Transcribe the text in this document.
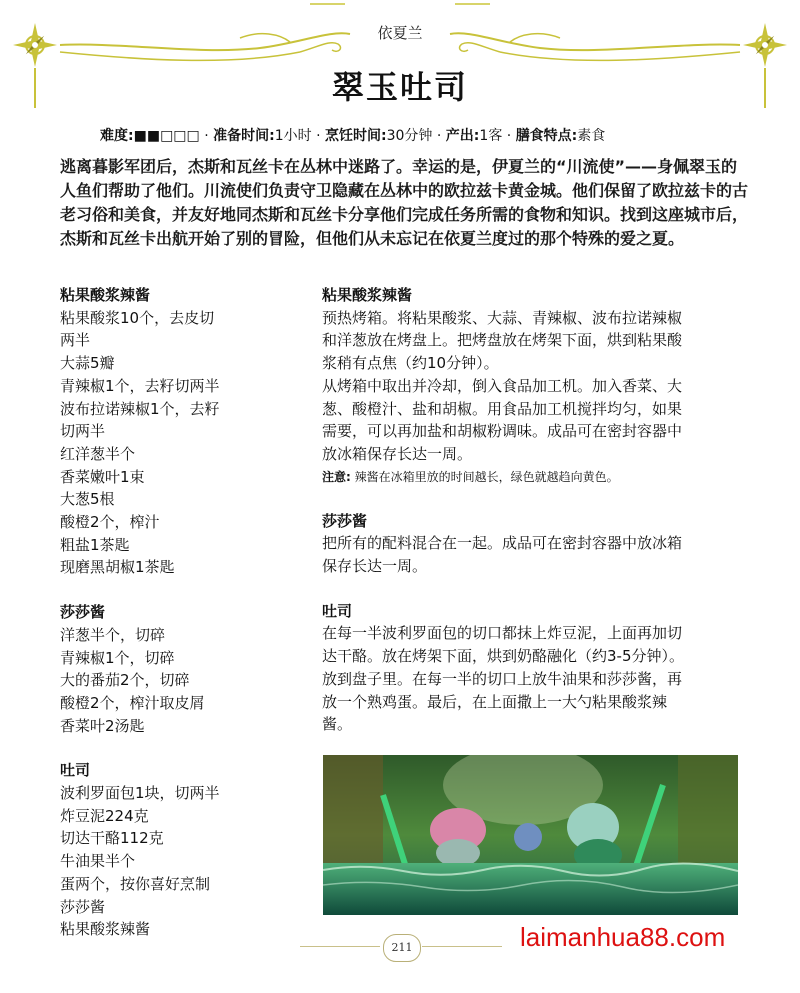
依夏兰
翠玉吐司
难度:■■□□□ · 准备时间:1小时 · 烹饪时间:30分钟 · 产出:1客 · 膳食特点:素食
逃离暮影军团后，杰斯和瓦丝卡在丛林中迷路了。幸运的是，伊夏兰的“川流使”——身佩翠玉的人鱼们帮助了他们。川流使们负责守卫隐藏在丛林中的欧拉兹卡黄金城。他们保留了欧拉兹卡的古老习俗和美食，并友好地同杰斯和瓦丝卡分享他们完成任务所需的食物和知识。找到这座城市后，杰斯和瓦丝卡出航开始了别的冒险，但他们从未忘记在依夏兰度过的那个特殊的爱之夏。
粘果酸浆辣酱
粘果酸浆10个，去皮切
两半
大蒜5瓣
青辣椒1个，去籽切两半
波布拉诺辣椒1个，去籽
切两半
红洋葱半个
香菜嫩叶1束
大葱5根
酸橙2个，榨汁
粗盐1茶匙
现磨黑胡椒1茶匙
莎莎酱
洋葱半个，切碎
青辣椒1个，切碎
大的番茄2个，切碎
酸橙2个，榨汁取皮屑
香菜叶2汤匙
吐司
波利罗面包1块，切两半
炸豆泥224克
切达干酪112克
牛油果半个
蛋两个，按你喜好烹制
莎莎酱
粘果酸浆辣酱
粘果酸浆辣酱
预热烤箱。将粘果酸浆、大蒜、青辣椒、波布拉诺辣椒
和洋葱放在烤盘上。把烤盘放在烤架下面，烘到粘果酸
浆稍有点焦（约10分钟）。
从烤箱中取出并冷却，倒入食品加工机。加入香菜、大
葱、酸橙汁、盐和胡椒。用食品加工机搅拌均匀，如果
需要，可以再加盐和胡椒粉调味。成品可在密封容器中
放冰箱保存长达一周。
注意: 辣酱在冰箱里放的时间越长，绿色就越趋向黄色。
莎莎酱
把所有的配料混合在一起。成品可在密封容器中放冰箱
保存长达一周。
吐司
在每一半波利罗面包的切口都抹上炸豆泥，上面再加切
达干酪。放在烤架下面，烘到奶酪融化（约3-5分钟）。
放到盘子里。在每一半的切口上放牛油果和莎莎酱，再
放一个熟鸡蛋。最后，在上面撒上一大勺粘果酸浆辣
酱。
211	laimanhua88.com
